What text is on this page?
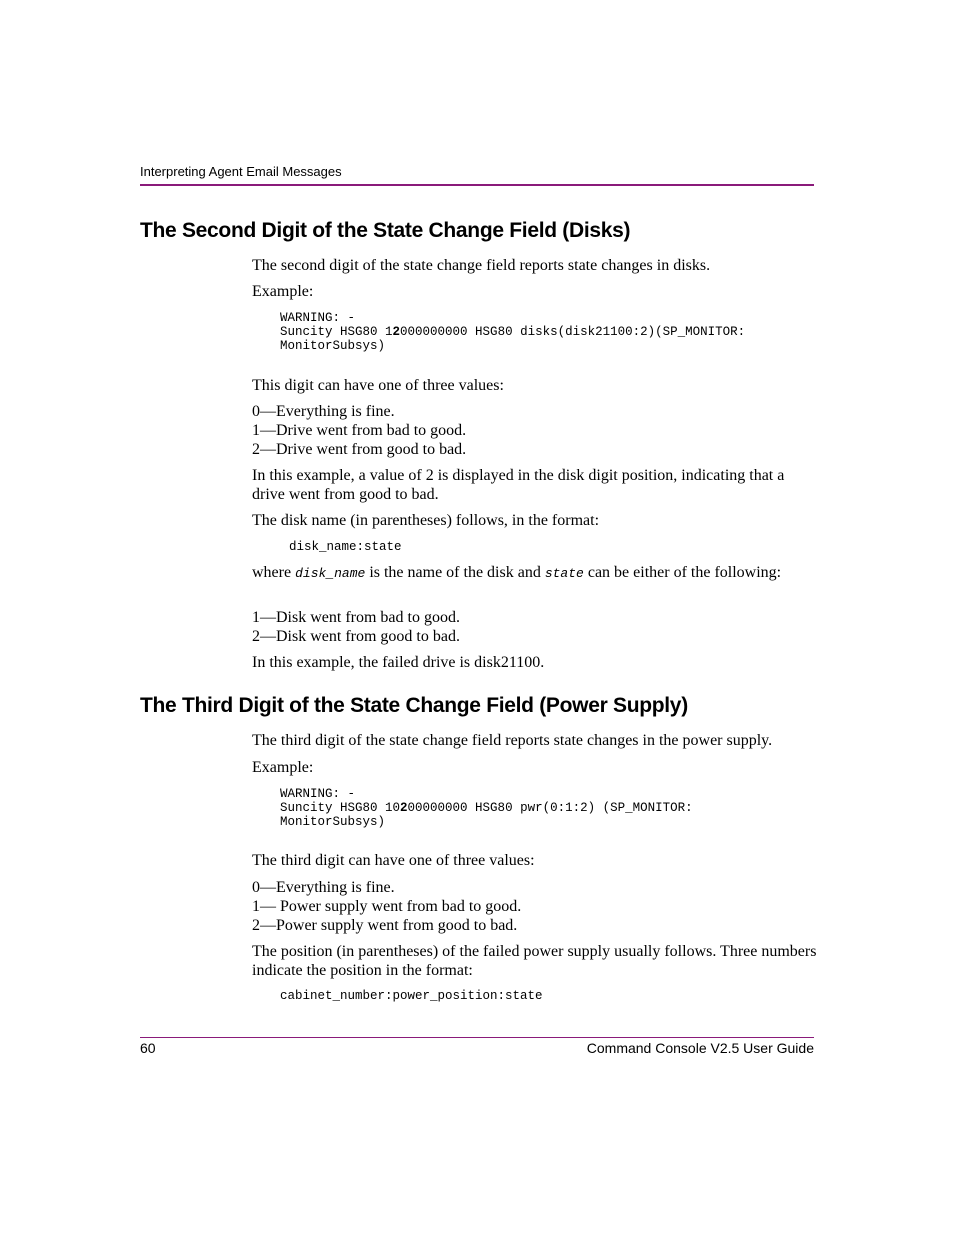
Interpreting Agent Email Messages
The Second Digit of the State Change Field (Disks)

The second digit of the state change field reports state changes in disks.

Example:

WARNING: -
Suncity HSG80 12000000000 HSG80 disks(disk21100:2)(SP_MONITOR:
MonitorSubsys)

This digit can have one of three values:

0—Everything is fine.
1—Drive went from bad to good.
2—Drive went from good to bad.

In this example, a value of 2 is displayed in the disk digit position, indicating that a drive went from good to bad.

The disk name (in parentheses) follows, in the format:

disk_name:state

where disk_name is the name of the disk and state can be either of the following:

1—Disk went from bad to good.
2—Disk went from good to bad.

In this example, the failed drive is disk21100.

The Third Digit of the State Change Field (Power Supply)

The third digit of the state change field reports state changes in the power supply.

Example:

WARNING: -
Suncity HSG80 10200000000 HSG80 pwr(0:1:2) (SP_MONITOR:
MonitorSubsys)

The third digit can have one of three values:

0—Everything is fine.
1— Power supply went from bad to good.
2—Power supply went from good to bad.

The position (in parentheses) of the failed power supply usually follows. Three numbers indicate the position in the format:

cabinet_number:power_position:state
60	Command Console V2.5 User Guide
